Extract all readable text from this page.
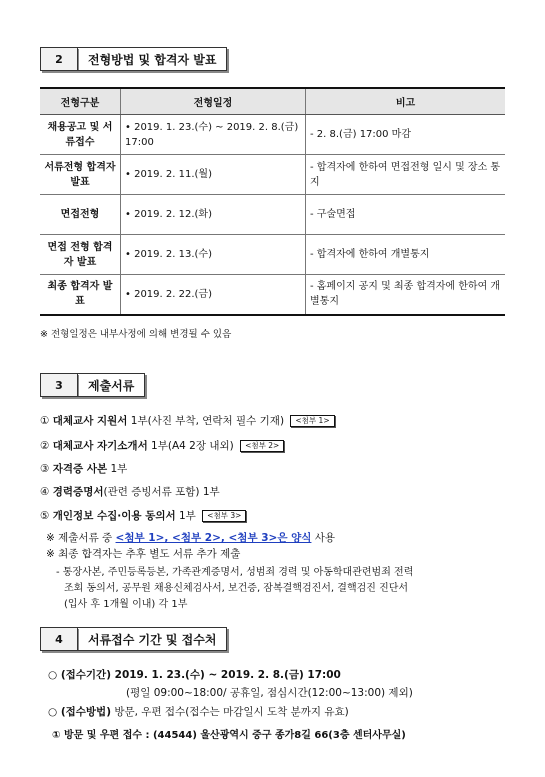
2	전형방법 및 합격자 발표
전형구분	전형일정	비고
채용공고 및 서류접수	• 2019. 1. 23.(수) ~ 2019. 2. 8.(금) 17:00	- 2. 8.(금) 17:00 마감
서류전형 합격자 발표	• 2019. 2. 11.(월)	- 합격자에 한하여 면접전형 일시 및 장소 통지
면접전형	• 2019. 2. 12.(화)	- 구술면접
면접 전형 합격자 발표	• 2019. 2. 13.(수)	- 합격자에 한하여 개별통지
최종 합격자 발표	• 2019. 2. 22.(금)	- 홈페이지 공지 및 최종 합격자에 한하여 개별통지
※ 전형일정은 내부사정에 의해 변경될 수 있음
3	제출서류
① 대체교사 지원서 1부(사진 부착, 연락처 필수 기재) <첨부 1>
② 대체교사 자기소개서 1부(A4 2장 내외) <첨부 2>
③ 자격증 사본 1부
④ 경력증명서(관련 증빙서류 포함) 1부
⑤ 개인정보 수집·이용 동의서 1부 <첨부 3>
※ 제출서류 중 <첨부 1>, <첨부 2>, <첨부 3>은 양식 사용
※ 최종 합격자는 추후 별도 서류 추가 제출
- 통장사본, 주민등록등본, 가족관계증명서, 성범죄 경력 및 아동학대관련범죄 전력
조회 동의서, 공무원 채용신체검사서, 보건증, 잠복결핵검진서, 결핵검진 진단서
(입사 후 1개월 이내) 각 1부
4	서류접수 기간 및 접수처
○ (접수기간) 2019. 1. 23.(수) ~ 2019. 2. 8.(금) 17:00
(평일 09:00~18:00/ 공휴일, 점심시간(12:00~13:00) 제외)
○ (접수방법) 방문, 우편 접수(접수는 마감일시 도착 분까지 유효)
① 방문 및 우편 접수 : (44544) 울산광역시 중구 종가8길 66(3층 센터사무실)
